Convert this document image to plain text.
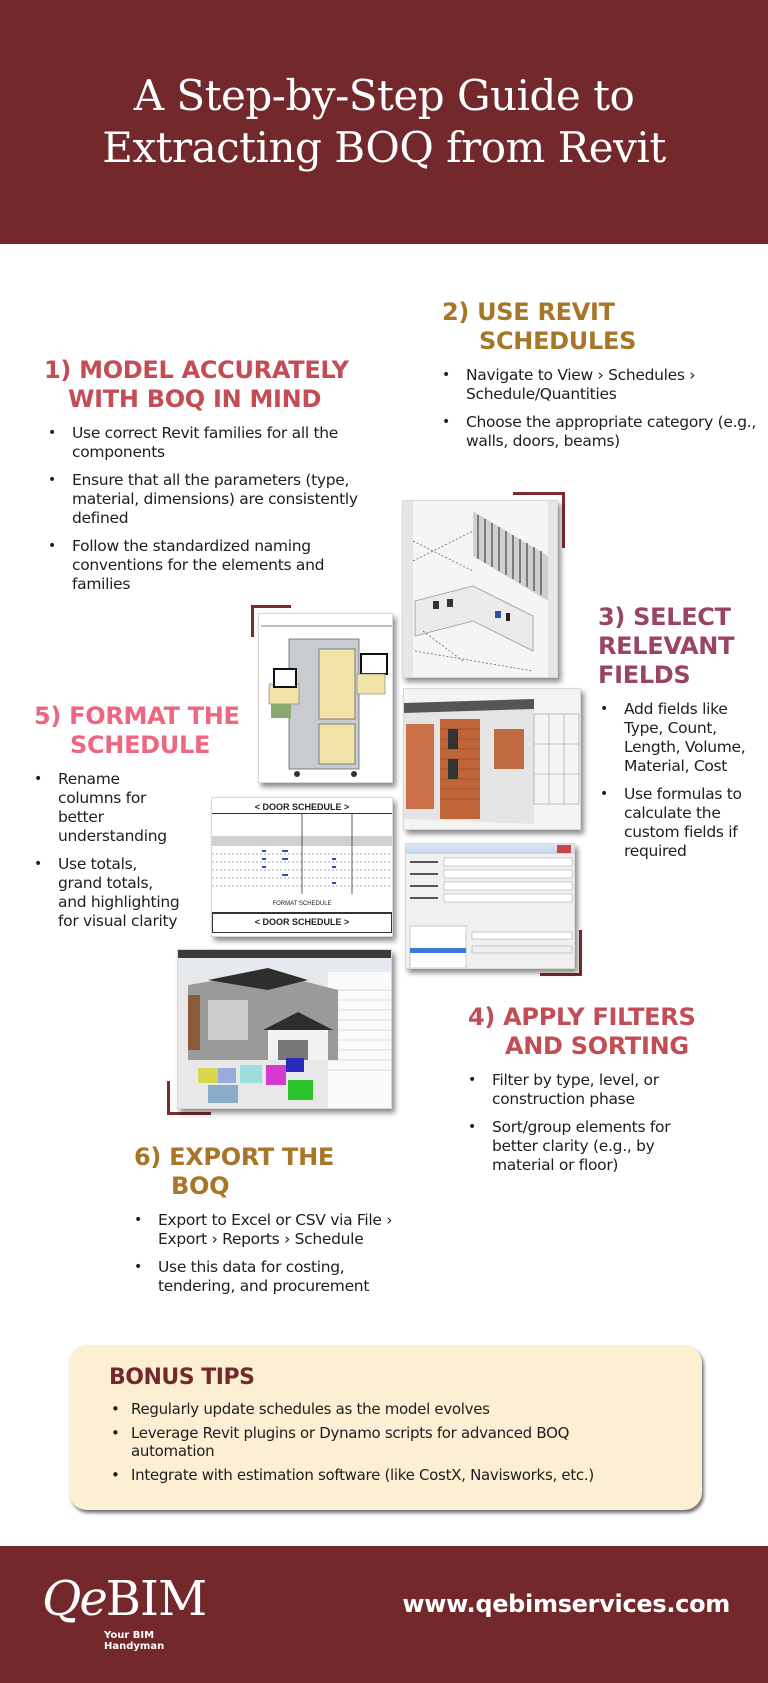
A Step-by-Step Guide to
Extracting BOQ from Revit
2) USE REVIT

SCHEDULES
• Navigate to View › Schedules › Schedule/Quantities
• Choose the appropriate category (e.g., walls, doors, beams)
1) MODEL ACCURATELY

WITH BOQ IN MIND
• Use correct Revit families for all the components
• Ensure that all the parameters (type, material, dimensions) are consistently defined
• Follow the standardized naming conventions for the elements and families
3) SELECT
RELEVANT
FIELDS
• Add fields like Type, Count, Length, Volume, Material, Cost
• Use formulas to calculate the custom fields if required
5) FORMAT THE

SCHEDULE
• Rename columns for better understanding
• Use totals, grand totals, and highlighting for visual clarity
< DOOR SCHEDULE >
FORMAT SCHEDULE
< DOOR SCHEDULE >
4) APPLY FILTERS

AND SORTING
• Filter by type, level, or construction phase
• Sort/group elements for better clarity (e.g., by material or floor)
6) EXPORT THE

BOQ
• Export to Excel or CSV via File › Export › Reports › Schedule
• Use this data for costing, tendering, and procurement
BONUS TIPS
• Regularly update schedules as the model evolves
• Leverage Revit plugins or Dynamo scripts for advanced BOQ automation
• Integrate with estimation software (like CostX, Navisworks, etc.)
QeBIM
Your BIM Handyman
www.qebimservices.com
